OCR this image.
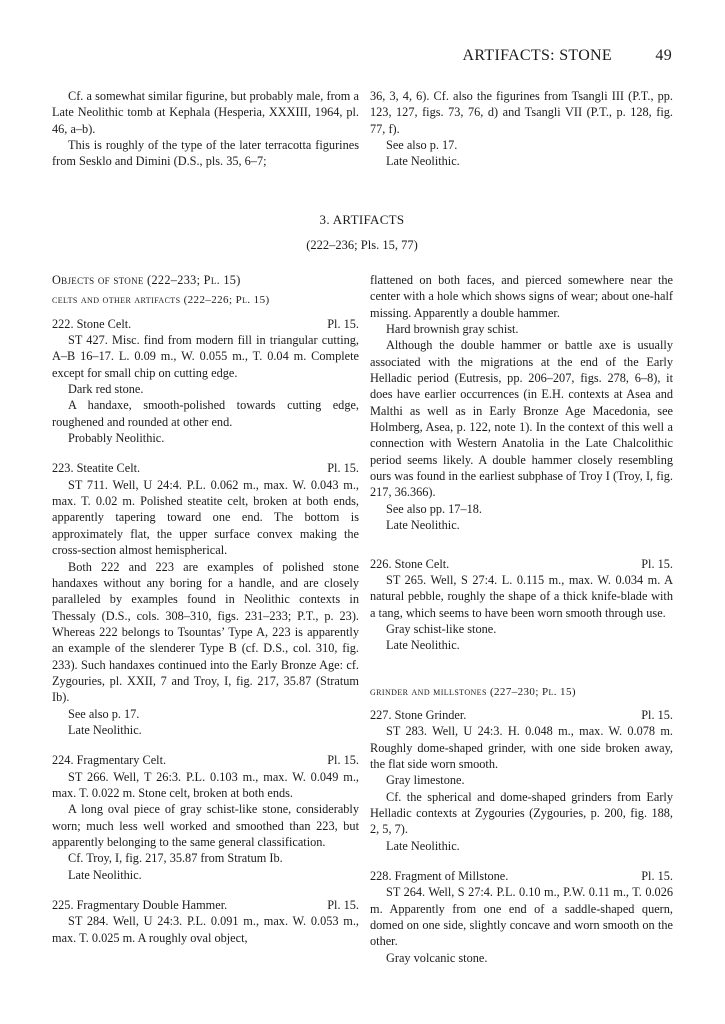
ARTIFACTS: STONE	49

Cf. a somewhat similar figurine, but probably male, from a Late Neolithic tomb at Kephala (Hesperia, XXXIII, 1964, pl. 46, a–b).

This is roughly of the type of the later terracotta figurines from Sesklo and Dimini (D.S., pls. 35, 6–7;

36, 3, 4, 6). Cf. also the figurines from Tsangli III (P.T., pp. 123, 127, figs. 73, 76, d) and Tsangli VII (P.T., p. 128, fig. 77, f).

See also p. 17.

Late Neolithic.

3. ARTIFACTS
(222–236; Pls. 15, 77)

Objects of stone (222–233; Pl. 15)

celts and other artifacts (222–226; Pl. 15)

222. Stone Celt.	Pl. 15.

ST 427. Misc. find from modern fill in triangular cutting, A–B 16–17. L. 0.09 m., W. 0.055 m., T. 0.04 m. Complete except for small chip on cutting edge.

Dark red stone.

A handaxe, smooth-polished towards cutting edge, roughened and rounded at other end.

Probably Neolithic.

223. Steatite Celt.	Pl. 15.

ST 711. Well, U 24:4. P.L. 0.062 m., max. W. 0.043 m., max. T. 0.02 m. Polished steatite celt, broken at both ends, apparently tapering toward one end. The bottom is approximately flat, the upper surface convex making the cross-section almost hemispherical.

Both 222 and 223 are examples of polished stone handaxes without any boring for a handle, and are closely paralleled by examples found in Neolithic contexts in Thessaly (D.S., cols. 308–310, figs. 231–233; P.T., p. 23). Whereas 222 belongs to Tsountas’ Type A, 223 is apparently an example of the slenderer Type B (cf. D.S., col. 310, fig. 233). Such handaxes continued into the Early Bronze Age: cf. Zygouries, pl. XXII, 7 and Troy, I, fig. 217, 35.87 (Stratum Ib).

See also p. 17.

Late Neolithic.

224. Fragmentary Celt.	Pl. 15.

ST 266. Well, T 26:3. P.L. 0.103 m., max. W. 0.049 m., max. T. 0.022 m. Stone celt, broken at both ends.

A long oval piece of gray schist-like stone, considerably worn; much less well worked and smoothed than 223, but apparently belonging to the same general classification.

Cf. Troy, I, fig. 217, 35.87 from Stratum Ib.

Late Neolithic.

225. Fragmentary Double Hammer.	Pl. 15.

ST 284. Well, U 24:3. P.L. 0.091 m., max. W. 0.053 m., max. T. 0.025 m. A roughly oval object,

flattened on both faces, and pierced somewhere near the center with a hole which shows signs of wear; about one-half missing. Apparently a double hammer.

Hard brownish gray schist.

Although the double hammer or battle axe is usually associated with the migrations at the end of the Early Helladic period (Eutresis, pp. 206–207, figs. 278, 6–8), it does have earlier occurrences (in E.H. contexts at Asea and Malthi as well as in Early Bronze Age Macedonia, see Holmberg, Asea, p. 122, note 1). In the context of this well a connection with Western Anatolia in the Late Chalcolithic period seems likely. A double hammer closely resembling ours was found in the earliest subphase of Troy I (Troy, I, fig. 217, 36.366).

See also pp. 17–18.

Late Neolithic.

226. Stone Celt.	Pl. 15.

ST 265. Well, S 27:4. L. 0.115 m., max. W. 0.034 m. A natural pebble, roughly the shape of a thick knife-blade with a tang, which seems to have been worn smooth through use.

Gray schist-like stone.

Late Neolithic.

grinder and millstones (227–230; Pl. 15)

227. Stone Grinder.	Pl. 15.

ST 283. Well, U 24:3. H. 0.048 m., max. W. 0.078 m. Roughly dome-shaped grinder, with one side broken away, the flat side worn smooth.

Gray limestone.

Cf. the spherical and dome-shaped grinders from Early Helladic contexts at Zygouries (Zygouries, p. 200, fig. 188, 2, 5, 7).

Late Neolithic.

228. Fragment of Millstone.	Pl. 15.

ST 264. Well, S 27:4. P.L. 0.10 m., P.W. 0.11 m., T. 0.026 m. Apparently from one end of a saddle-shaped quern, domed on one side, slightly concave and worn smooth on the other.

Gray volcanic stone.
